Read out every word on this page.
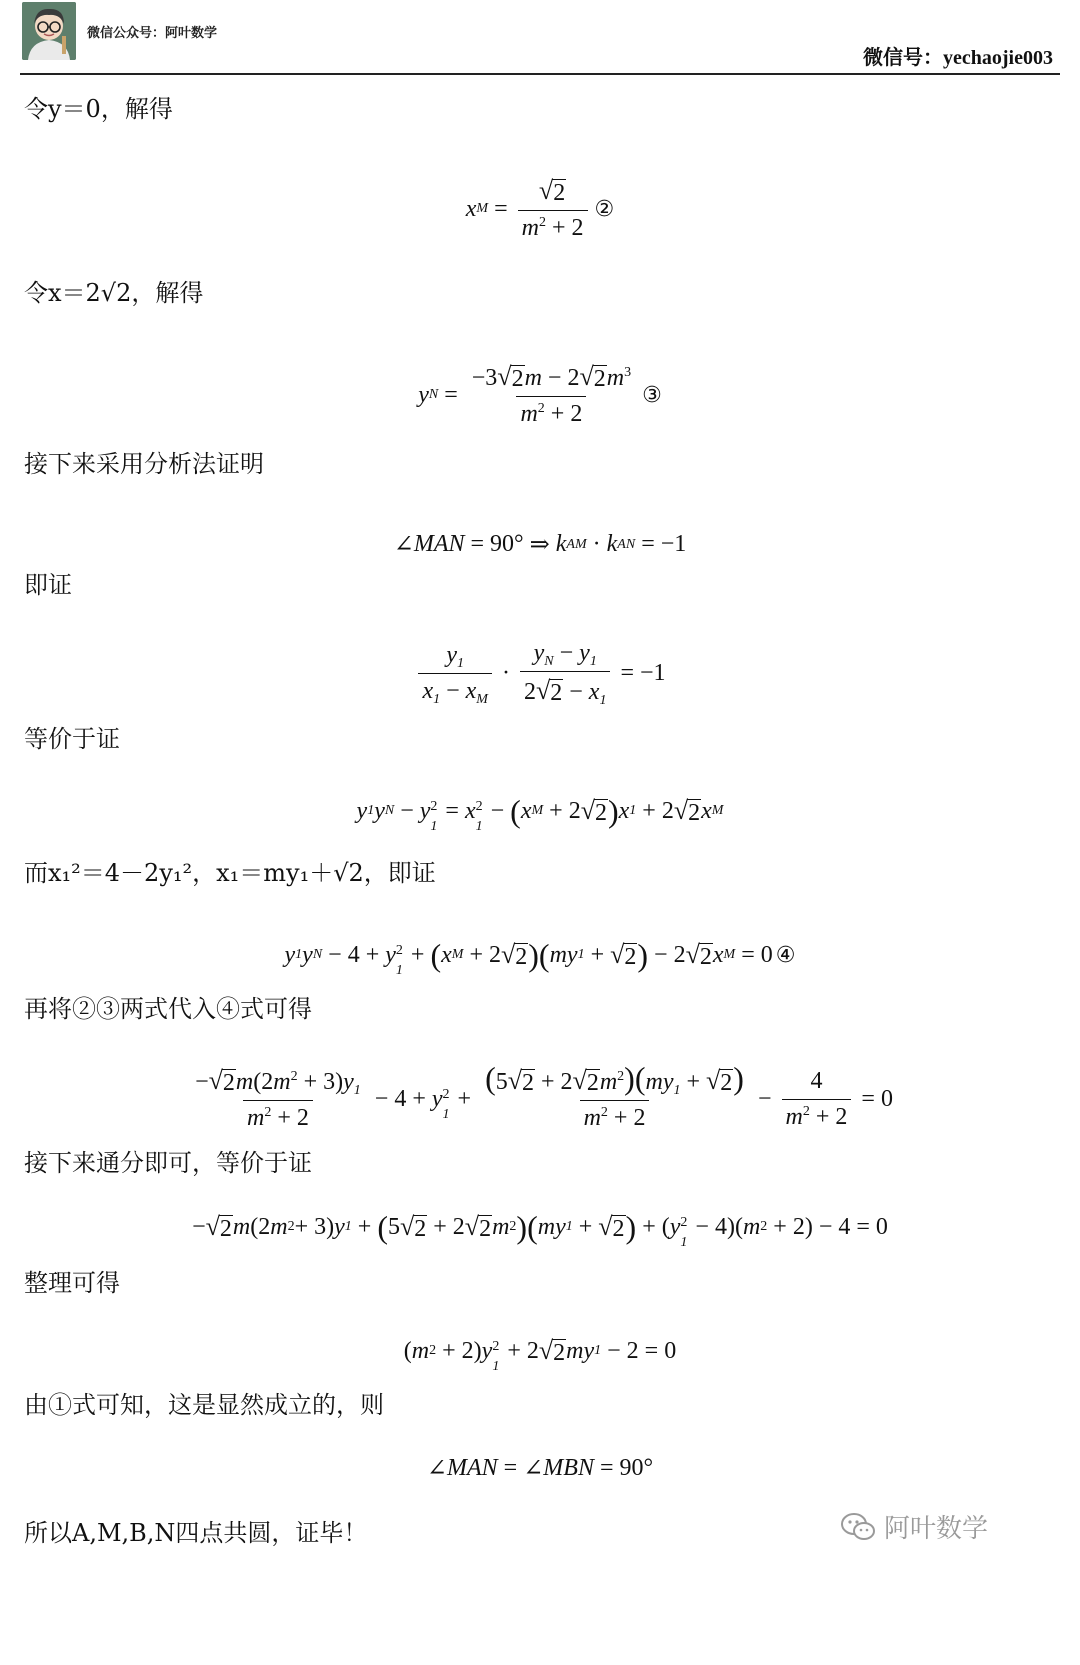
微信公众号：阿叶数学
微信号：yechaojie003
令y＝0，解得
x $M = \frac{√ 2}{m^2 + 2}$ ②
令x＝2√2，解得
y $N = \frac{-3 √ 2 m - 2 √ 2 m^3}{m^2 + 2}$ ③
接下来采用分析法证明
∠ MAN = 90° ⇒ k AM · k AN = −1
即证
$\frac{y_1}{x_1 - x_M} \cdot \frac{y_N - y_1}{2 √ 2 - x_1} = -1$
等价于证
y 1 y N − y 2
1
= x 2
1
− ( x M + 2 √ 2 ) x 1 + 2 √ 2 x M
而x₁²＝4－2y₁²，x₁＝my₁＋√2，即证
y 1 y N − 4 + y 2
1
+ ( x M + 2 √ 2 ) ( my 1 + √ 2 ) − 2 √ 2 x M = 0 ④
再将②③两式代入④式可得
$\frac{- √ 2 m(2m^2 + 3)y_1}{m^2 + 2} - 4 + y$ 2
1
+ $\frac{(5 √ 2 + 2 √ 2 m^2)(my_1 + √ 2 )}{m^2 + 2} - \frac{4}{m^2 + 2} = 0$
接下来通分即可，等价于证
− √ 2 m (2 m 2 + 3) y 1 + ( 5 √ 2 + 2 √ 2 m 2 ) ( my 1 + √ 2 ) + ( y 2
1
− 4)( m 2 + 2) − 4 = 0
整理可得
( m 2 + 2) y 2
1
+ 2 √ 2 my 1 − 2 = 0
由①式可知，这是显然成立的，则
∠ MAN = ∠ MBN = 90°
所以A,M,B,N四点共圆，证毕！	阿叶数学
